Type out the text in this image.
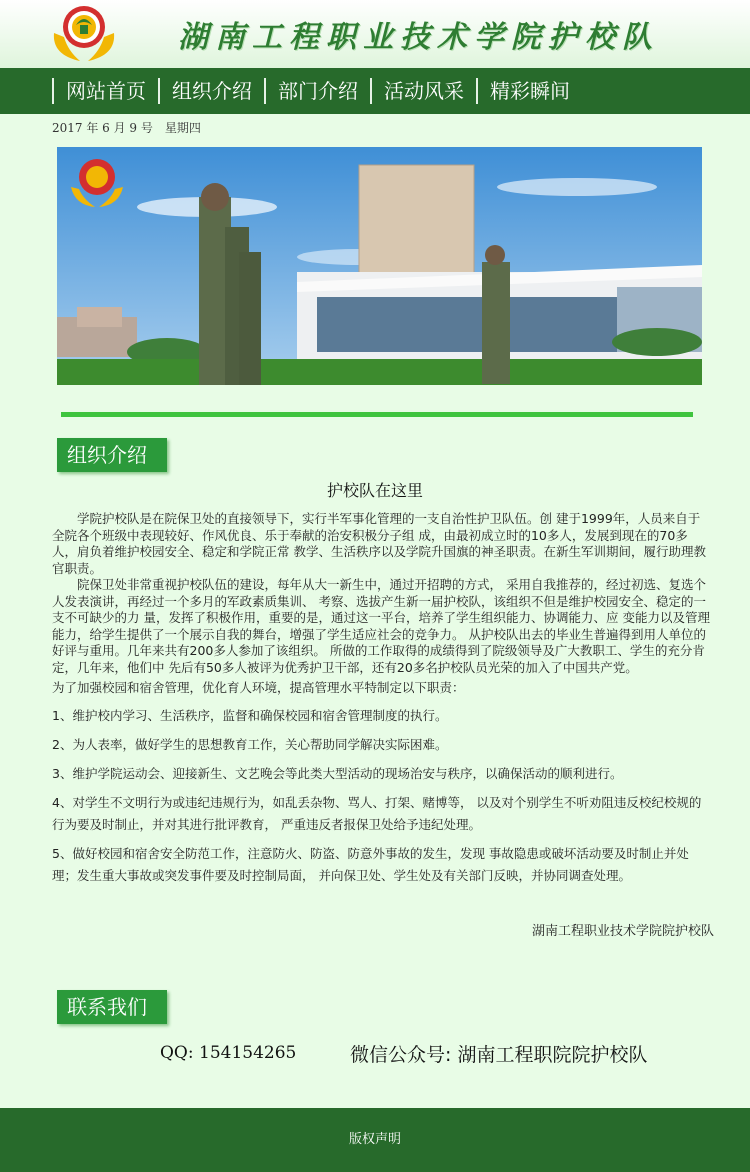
湖南工程职业技术学院护校队
网站首页	组织介绍	部门介绍	活动风采	精彩瞬间
2017 年 6 月 9 号　星期四
组织介绍
护校队在这里

学院护校队是在院保卫处的直接领导下，实行半军事化管理的一支自治性护卫队伍。创 建于1999年，人员来自于全院各个班级中表现较好、作风优良、乐于奉献的治安积极分子组 成，由最初成立时的10多人，发展到现在的70多人，肩负着维护校园安全、稳定和学院正常 教学、生活秩序以及学院升国旗的神圣职责。在新生军训期间，履行助理教官职责。

院保卫处非常重视护校队伍的建设，每年从大一新生中，通过开招聘的方式， 采用自我推荐的，经过初选、复选个人发表演讲，再经过一个多月的军政素质集训、 考察、选拔产生新一届护校队，该组织不但是维护校园安全、稳定的一支不可缺少的力 量，发挥了积极作用，重要的是，通过这一平台，培养了学生组织能力、协调能力、应 变能力以及管理能力，给学生提供了一个展示自我的舞台，增强了学生适应社会的竞争力。 从护校队出去的毕业生普遍得到用人单位的好评与重用。几年来共有200多人参加了该组织。 所做的工作取得的成绩得到了院级领导及广大教职工、学生的充分肯定，几年来，他们中 先后有50多人被评为优秀护卫干部，还有20多名护校队员光荣的加入了中国共产党。

为了加强校园和宿舍管理，优化育人环境，提高管理水平特制定以下职责：

1、维护校内学习、生活秩序，监督和确保校园和宿舍管理制度的执行。

2、为人表率，做好学生的思想教育工作，关心帮助同学解决实际困难。

3、维护学院运动会、迎接新生、文艺晚会等此类大型活动的现场治安与秩序，以确保活动的顺利进行。

4、对学生不文明行为或违纪违规行为，如乱丢杂物、骂人、打架、赌博等， 以及对个别学生不听劝阻违反校纪校规的行为要及时制止，并对其进行批评教育， 严重违反者报保卫处给予违纪处理。

5、做好校园和宿舍安全防范工作，注意防火、防盗、防意外事故的发生，发现 事故隐患或破坏活动要及时制止并处理；发生重大事故或突发事件要及时控制局面， 并向保卫处、学生处及有关部门反映，并协同调查处理。

湖南工程职业技术学院院护校队
联系我们
QQ: 154154265	微信公众号: 湖南工程职院院护校队
版权声明
